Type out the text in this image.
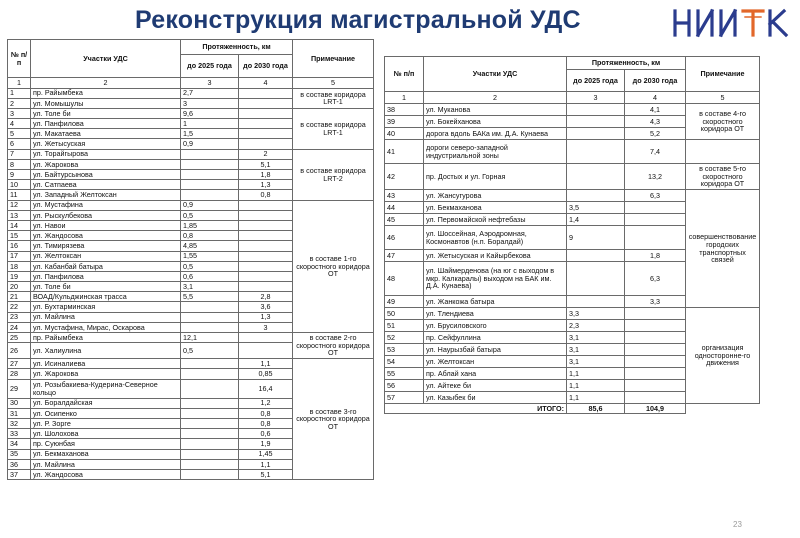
Реконструкция магистральной УДС
№ п/п	Участки УДС	Протяженность, км		Примечание
		до 2025 года	до 2030 года	
1	2	3	4	5
1	пр. Райымбека	2,7		в составе коридора LRT-1
2	ул. Момышулы	3		
3	ул. Толе би	9,6		в составе коридора LRT-1
4	ул. Панфилова	1		
5	ул. Макатаева	1,5		
6	ул. Жетысуская	0,9		
7	ул. Торайгырова		2	в составе коридора LRT-2
8	ул. Жарокова		5,1	
9	ул. Байтурсынова		1,8	
10	ул. Сатпаева		1,3	
11	ул. Западный Желтоксан		0,8	
12	ул. Мустафина	0,9		в составе 1-го скоростного коридора ОТ
13	ул. Рыскулбекова	0,5		
14	ул. Навои	1,85		
15	ул. Жандосова	0,8		
16	ул. Тимирязева	4,85		
17	ул. Желтоксан	1,55		
18	ул. Кабанбай батыра	0,5		
19	ул. Панфилова	0,6		
20	ул. Толе би	3,1		
21	ВОАД/Кульджинская трасса	5,5	2,8	
22	ул. Бухтарминская		3,6	
23	ул. Майлина		1,3	
24	ул. Мустафина, Мирас, Оскарова		3	
25	пр. Райымбека	12,1		в составе 2-го скоростного коридора ОТ
26	ул. Халиулина	0,5		
27	ул. Исиналиева		1,1	в составе 3-го скоростного коридора ОТ
28	ул. Жарокова		0,85	
29	ул. Розыбакиева-Кудерина-Северное кольцо		16,4	
30	ул. Боралдайская		1,2	
31	ул. Осипенко		0,8	
32	ул. Р. Зорге		0,8	
33	ул. Шолохова		0,6	
34	пр. Суюнбая		1,9	
35	ул. Бекмаханова		1,45	
36	ул. Майлина		1,1	
37	ул. Жандосова		5,1	
№ п/п	Участки УДС	Протяженность, км		Примечание
		до 2025 года	до 2030 года	
1	2	3	4	5
38	ул. Муканова		4,1	в составе 4-го скоростного коридора ОТ
39	ул. Бокейханова		4,3	
40	дорога вдоль БАКа им. Д.А. Кунаева		5,2	
41	дороги северо-западной индустриальной зоны		7,4	
42	пр. Достых и ул. Горная		13,2	в составе 5-го скоростного коридора ОТ
43	ул. Жансугурова		6,3	совершенствование городских транспортных связей
44	ул. Бекмаханова	3,5		
45	ул. Первомайской нефтебазы	1,4		
46	ул. Шоссейная, Аэродромная, Космонавтов (н.п. Боралдай)	9		
47	ул. Жетысуская и Кайырбекова		1,8	
48	ул. Шаймерденова (на юг с выходом в мкр. Калкаралы) выходом на БАК им. Д.А. Кунаева)		6,3	
49	ул. Жанкожа батыра		3,3	
50	ул. Тлендиева	3,3		организация односторонне-го движения
51	ул. Брусиловского	2,3		
52	пр. Сейфуллина	3,1		
53	ул. Наурызбай батыра	3,1		
54	ул. Желтоксан	3,1		
55	пр. Аблай хана	1,1		
56	ул. Айтеке би	1,1		
57	ул. Казыбек би	1,1		
ИТОГО:		85,6	104,9	
23
